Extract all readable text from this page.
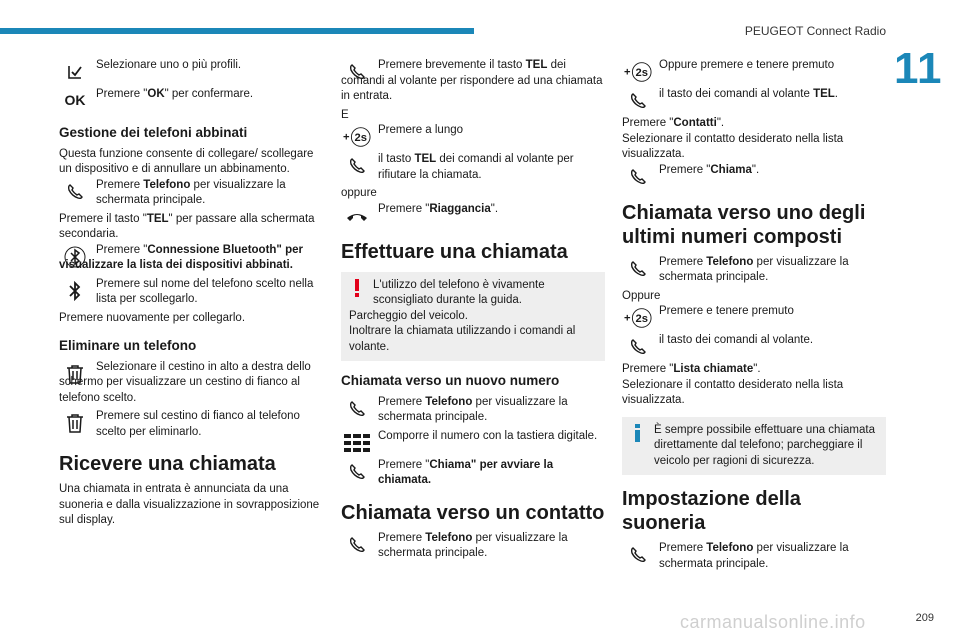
PEUGEOT Connect Radio
11

Selezionare uno o più profili.

OK Premere "OK" per confermare.

Gestione dei telefoni abbinati

Questa funzione consente di collegare/ scollegare un dispositivo e di annullare un abbinamento.

Premere Telefono per visualizzare la schermata principale.

Premere il tasto "TEL" per passare alla schermata secondaria.

Premere "Connessione Bluetooth" per visualizzare la lista dei dispositivi abbinati.

Premere sul nome del telefono scelto nella lista per scollegarlo.

Premere nuovamente per collegarlo.

Eliminare un telefono

Selezionare il cestino in alto a destra dello schermo per visualizzare un cestino di fianco al telefono scelto.

Premere sul cestino di fianco al telefono scelto per eliminarlo.

Ricevere una chiamata

Una chiamata in entrata è annunciata da una suoneria e dalla visualizzazione in sovrapposizione sul display.

Premere brevemente il tasto TEL dei comandi al volante per rispondere ad una chiamata in entrata.

E

+ 2s

Premere a lungo

il tasto TEL dei comandi al volante per rifiutare la chiamata.

oppure

Premere "Riaggancia".

Effettuare una chiamata

L'utilizzo del telefono è vivamente sconsigliato durante la guida.

Parcheggio del veicolo.

Inoltrare la chiamata utilizzando i comandi al volante.

Chiamata verso un nuovo numero

Premere Telefono per visualizzare la schermata principale.

Comporre il numero con la tastiera digitale.

Premere "Chiama" per avviare la chiamata.

Chiamata verso un contatto

Premere Telefono per visualizzare la schermata principale.

+ 2s

Oppure premere e tenere premuto

il tasto dei comandi al volante TEL.

Premere "Contatti".

Selezionare il contatto desiderato nella lista visualizzata.

Premere "Chiama".

Chiamata verso uno degli ultimi numeri composti

Premere Telefono per visualizzare la schermata principale.

Oppure

+ 2s

Premere e tenere premuto

il tasto dei comandi al volante.

Premere "Lista chiamate".

Selezionare il contatto desiderato nella lista visualizzata.

È sempre possibile effettuare una chiamata direttamente dal telefono; parcheggiare il veicolo per ragioni di sicurezza.

Impostazione della suoneria

Premere Telefono per visualizzare la schermata principale.

carmanualsonline.info	209
